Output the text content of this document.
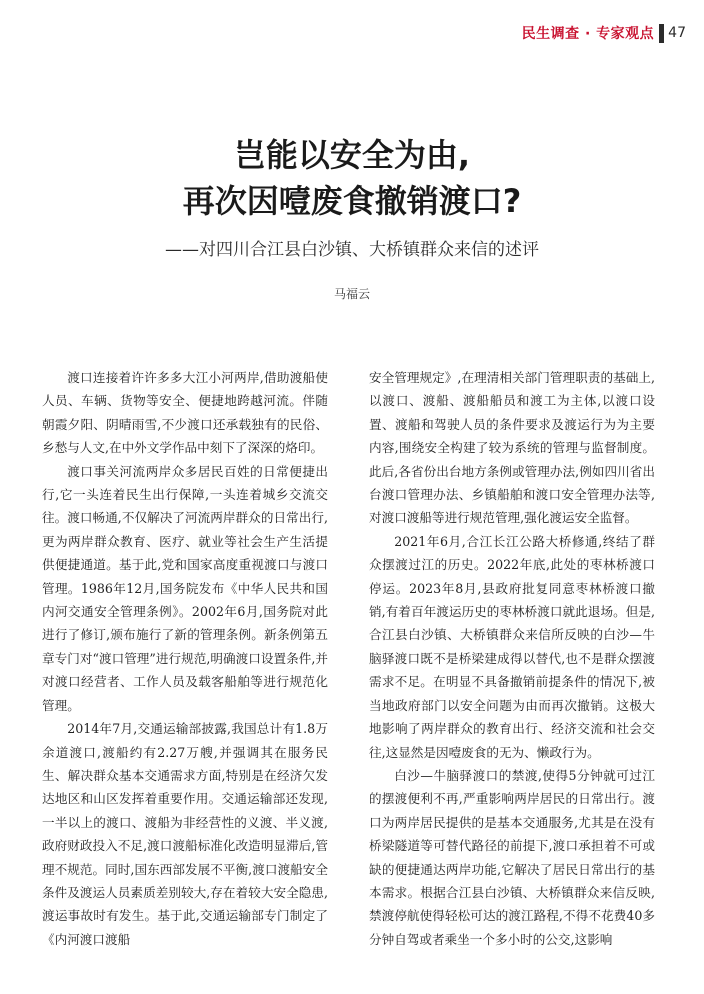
民生调查 · 专家观点 47
岂能以安全为由,
再次因噎废食撤销渡口?
——对四川合江县白沙镇、大桥镇群众来信的述评
马福云

渡口连接着许许多多大江小河两岸,借助渡船使人员、车辆、货物等安全、便捷地跨越河流。伴随朝霞夕阳、阴晴雨雪,不少渡口还承载独有的民俗、乡愁与人文,在中外文学作品中刻下了深深的烙印。

渡口事关河流两岸众多居民百姓的日常便捷出行,它一头连着民生出行保障,一头连着城乡交流交往。渡口畅通,不仅解决了河流两岸群众的日常出行,更为两岸群众教育、医疗、就业等社会生产生活提供便捷通道。基于此,党和国家高度重视渡口与渡口管理。1986年12月,国务院发布《中华人民共和国内河交通安全管理条例》。2002年6月,国务院对此进行了修订,颁布施行了新的管理条例。新条例第五章专门对“渡口管理”进行规范,明确渡口设置条件,并对渡口经营者、工作人员及载客船舶等进行规范化管理。

2014年7月,交通运输部披露,我国总计有1.8万余道渡口,渡船约有2.27万艘,并强调其在服务民生、解决群众基本交通需求方面,特别是在经济欠发达地区和山区发挥着重要作用。交通运输部还发现,一半以上的渡口、渡船为非经营性的义渡、半义渡,政府财政投入不足,渡口渡船标准化改造明显滞后,管理不规范。同时,国东西部发展不平衡,渡口渡船安全条件及渡运人员素质差别较大,存在着较大安全隐患,渡运事故时有发生。基于此,交通运输部专门制定了《内河渡口渡船

安全管理规定》,在理清相关部门管理职责的基础上,以渡口、渡船、渡船船员和渡工为主体,以渡口设置、渡船和驾驶人员的条件要求及渡运行为为主要内容,围绕安全构建了较为系统的管理与监督制度。此后,各省份出台地方条例或管理办法,例如四川省出台渡口管理办法、乡镇船舶和渡口安全管理办法等,对渡口渡船等进行规范管理,强化渡运安全监督。

2021年6月,合江长江公路大桥修通,终结了群众摆渡过江的历史。2022年底,此处的枣林桥渡口停运。2023年8月,县政府批复同意枣林桥渡口撤销,有着百年渡运历史的枣林桥渡口就此退场。但是,合江县白沙镇、大桥镇群众来信所反映的白沙—牛脑驿渡口既不是桥梁建成得以替代,也不是群众摆渡需求不足。在明显不具备撤销前提条件的情况下,被当地政府部门以安全问题为由而再次撤销。这极大地影响了两岸群众的教育出行、经济交流和社会交往,这显然是因噎废食的无为、懒政行为。

白沙—牛脑驿渡口的禁渡,使得5分钟就可过江的摆渡便利不再,严重影响两岸居民的日常出行。渡口为两岸居民提供的是基本交通服务,尤其是在没有桥梁隧道等可替代路径的前提下,渡口承担着不可或缺的便捷通达两岸功能,它解决了居民日常出行的基本需求。根据合江县白沙镇、大桥镇群众来信反映,禁渡停航使得轻松可达的渡江路程,不得不花费40多分钟自驾或者乘坐一个多小时的公交,这影响
